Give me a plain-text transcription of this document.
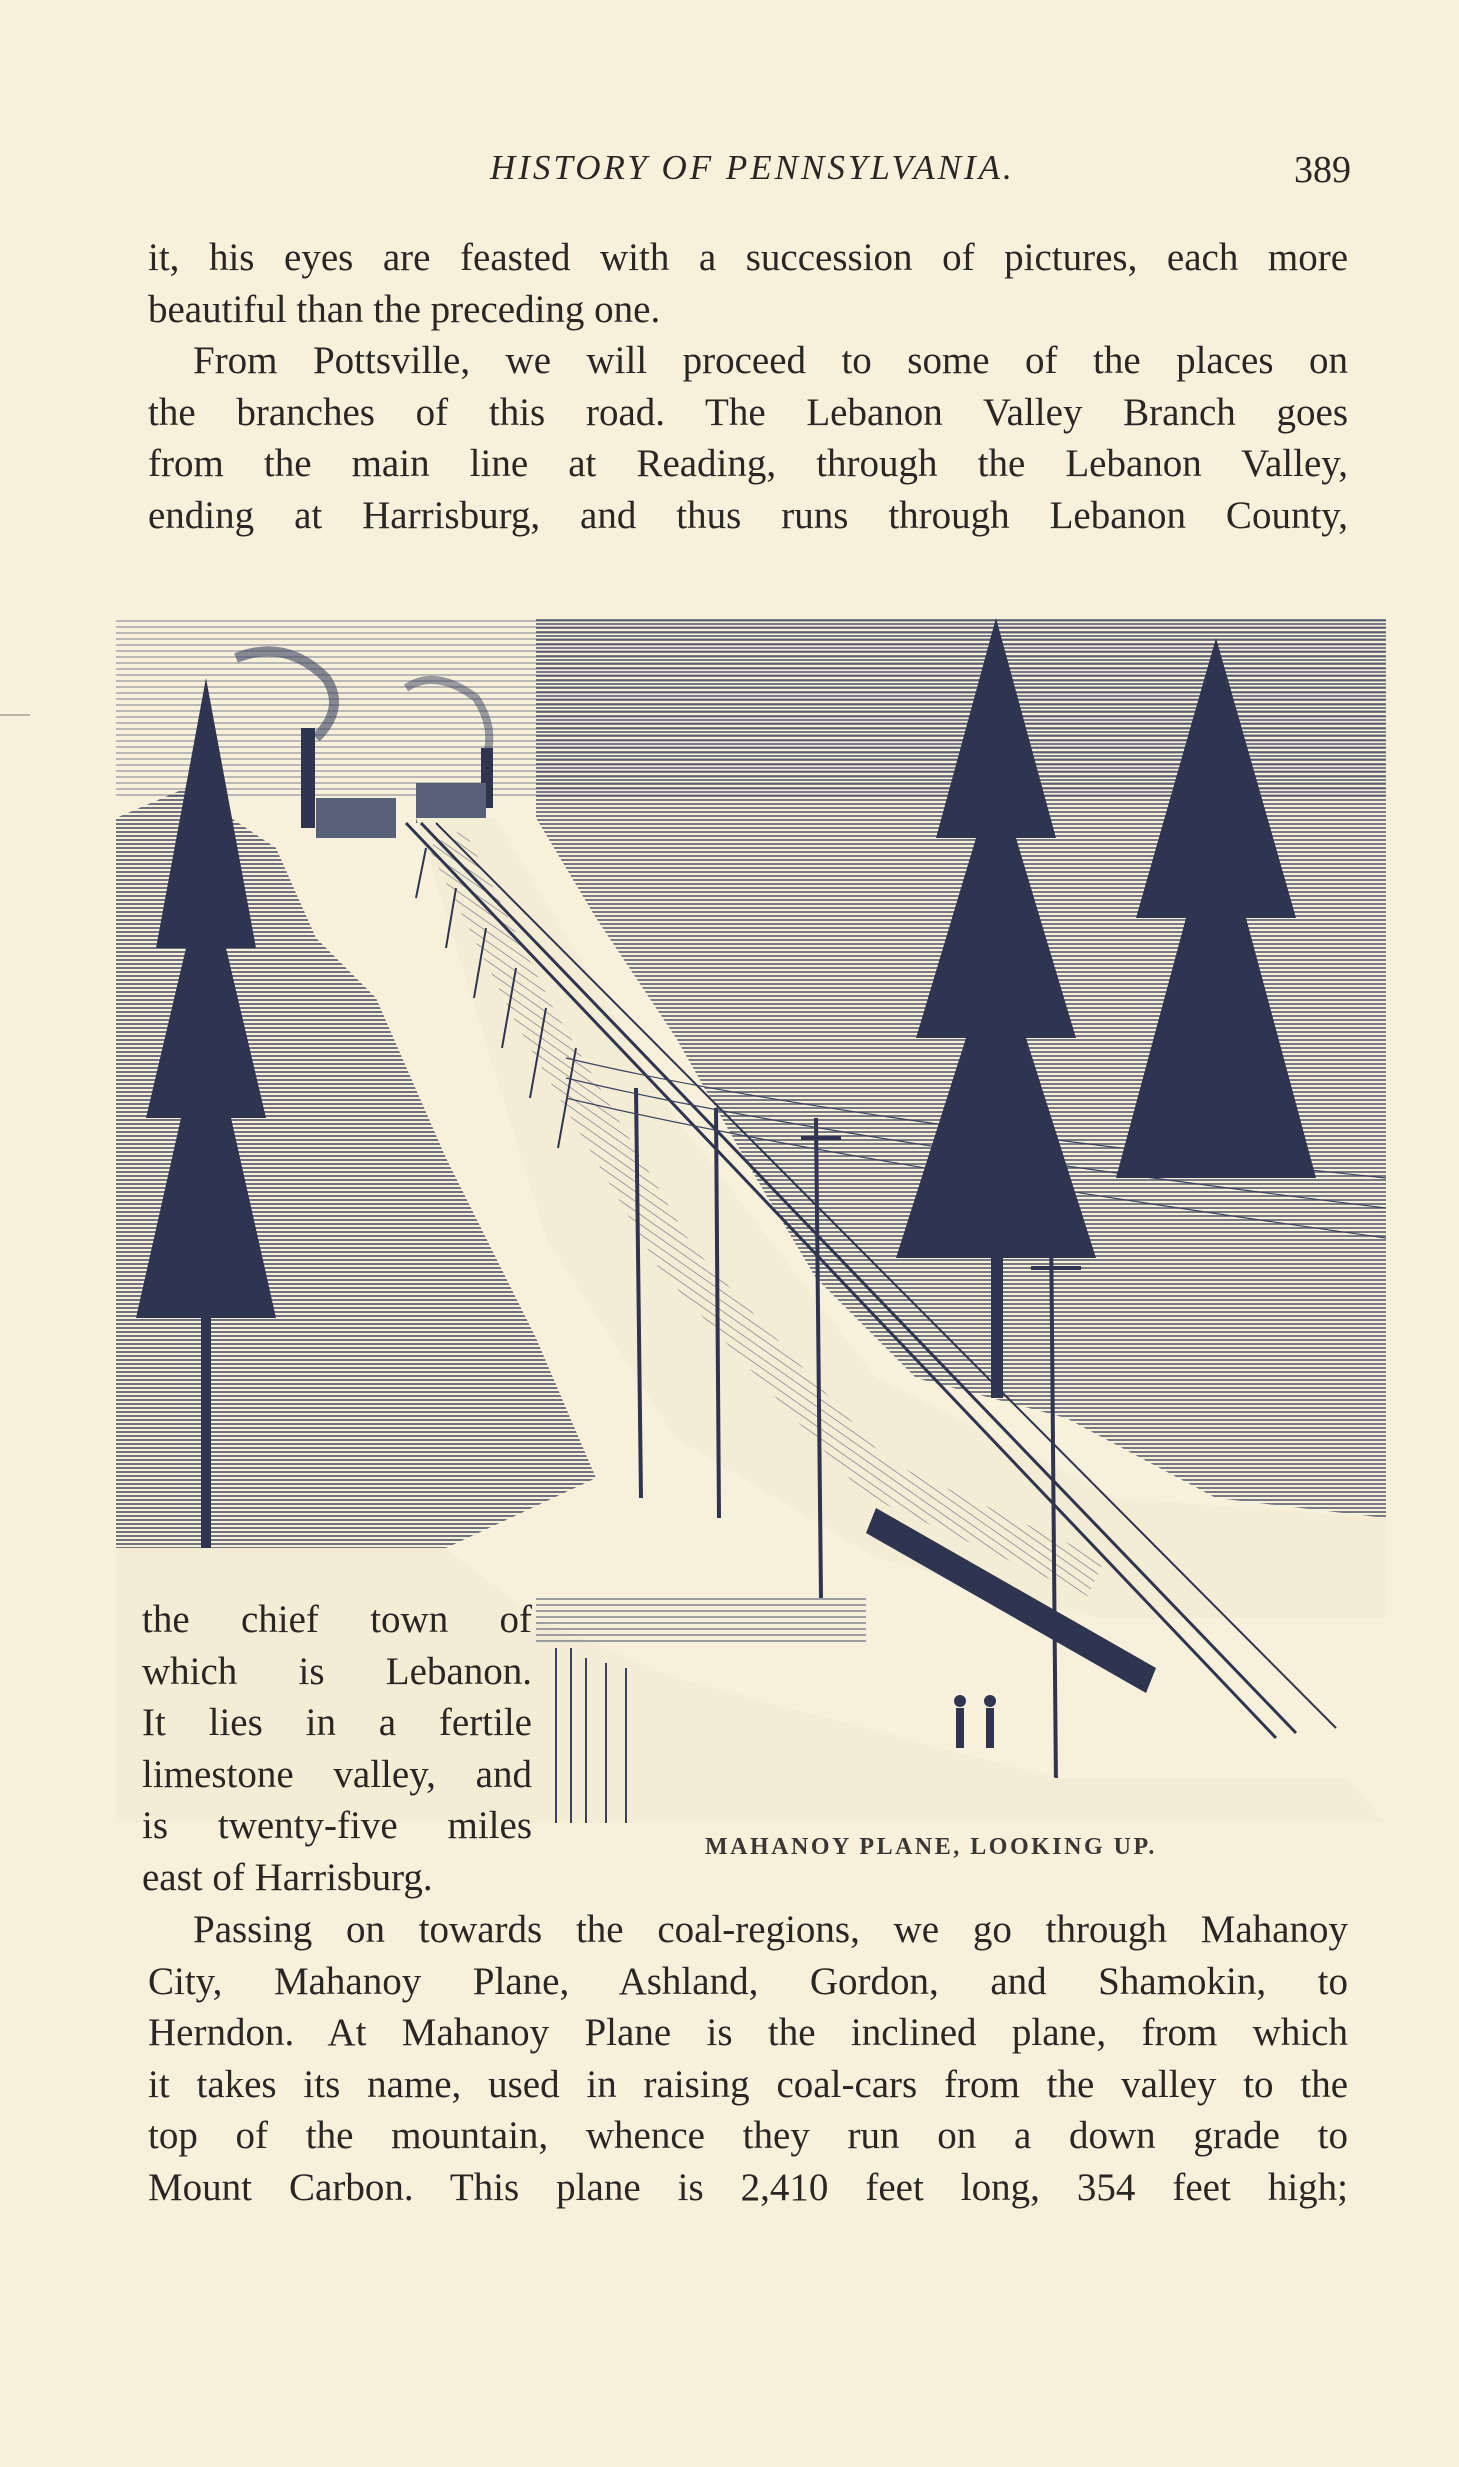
HISTORY OF PENNSYLVANIA.	389
it, his eyes are feasted with a succession of pictures, each more
beautiful than the preceding one.
From Pottsville, we will proceed to some of the places on
the branches of this road. The Lebanon Valley Branch goes
from the main line at Reading, through the Lebanon Valley,
ending at Harrisburg, and thus runs through Lebanon County,
the chief town of
which is Lebanon.
It lies in a fertile
limestone valley, and
is twenty-five miles
east of Harrisburg.
MAHANOY PLANE, LOOKING UP.
Passing on towards the coal-regions, we go through Mahanoy
City, Mahanoy Plane, Ashland, Gordon, and Shamokin, to
Herndon. At Mahanoy Plane is the inclined plane, from which
it takes its name, used in raising coal-cars from the valley to the
top of the mountain, whence they run on a down grade to
Mount Carbon. This plane is 2,410 feet long, 354 feet high;
